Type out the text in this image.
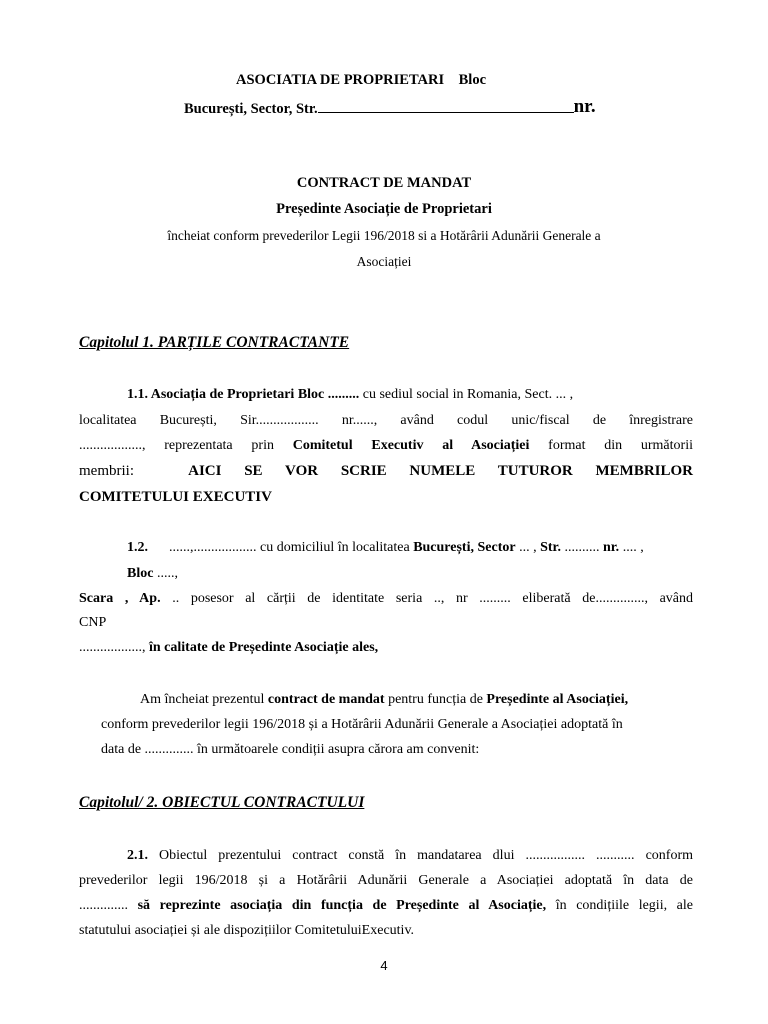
ASOCIATIA DE PROPRIETARI Bloc
București, Sector, Str.	nr.
CONTRACT DE MANDAT
Președinte Asociație de Proprietari
încheiat conform prevederilor Legii 196/2018 si a Hotărârii Adunării Generale a
Asociației
Capitolul 1. PARȚILE CONTRACTANTE
1.1. Asociația de Proprietari Bloc ......... cu sediul social in Romania, Sect. ... ,
localitatea București, Sir.................. nr......, având codul unic/fiscal de înregistrare
.................., reprezentata prin Comitetul Executiv al Asociației format din următorii
membrii:	AICI SE VOR SCRIE NUMELE TUTUROR MEMBRILOR
COMITETULUI EXECUTIV
1.2.      ......,.................. cu domiciliul în localitatea București, Sector ... , Str. .......... nr. .... ,
Bloc .....,
Scara , Ap. .. posesor al cărții de identitate seria .., nr ......... eliberată de.............., având
CNP
.................., în calitate de Președinte Asociație ales,
Am încheiat prezentul contract de mandat pentru funcția de Președinte al Asociației,
conform prevederilor legii 196/2018 și a Hotărârii Adunării Generale a Asociației adoptată în
data de .............. în următoarele condiții asupra cărora am convenit:
Capitolul/ 2. OBIECTUL CONTRACTULUI
2.1. Obiectul prezentului contract constă în mandatarea dlui ................. ........... conform
prevederilor legii 196/2018 și a Hotărârii Adunării Generale a Asociației adoptată în data de
.............. să reprezinte asociația din funcția de Președinte al Asociație, în condițiile legii, ale
statutului asociației și ale dispozițiilor ComitetuluiExecutiv.
4
